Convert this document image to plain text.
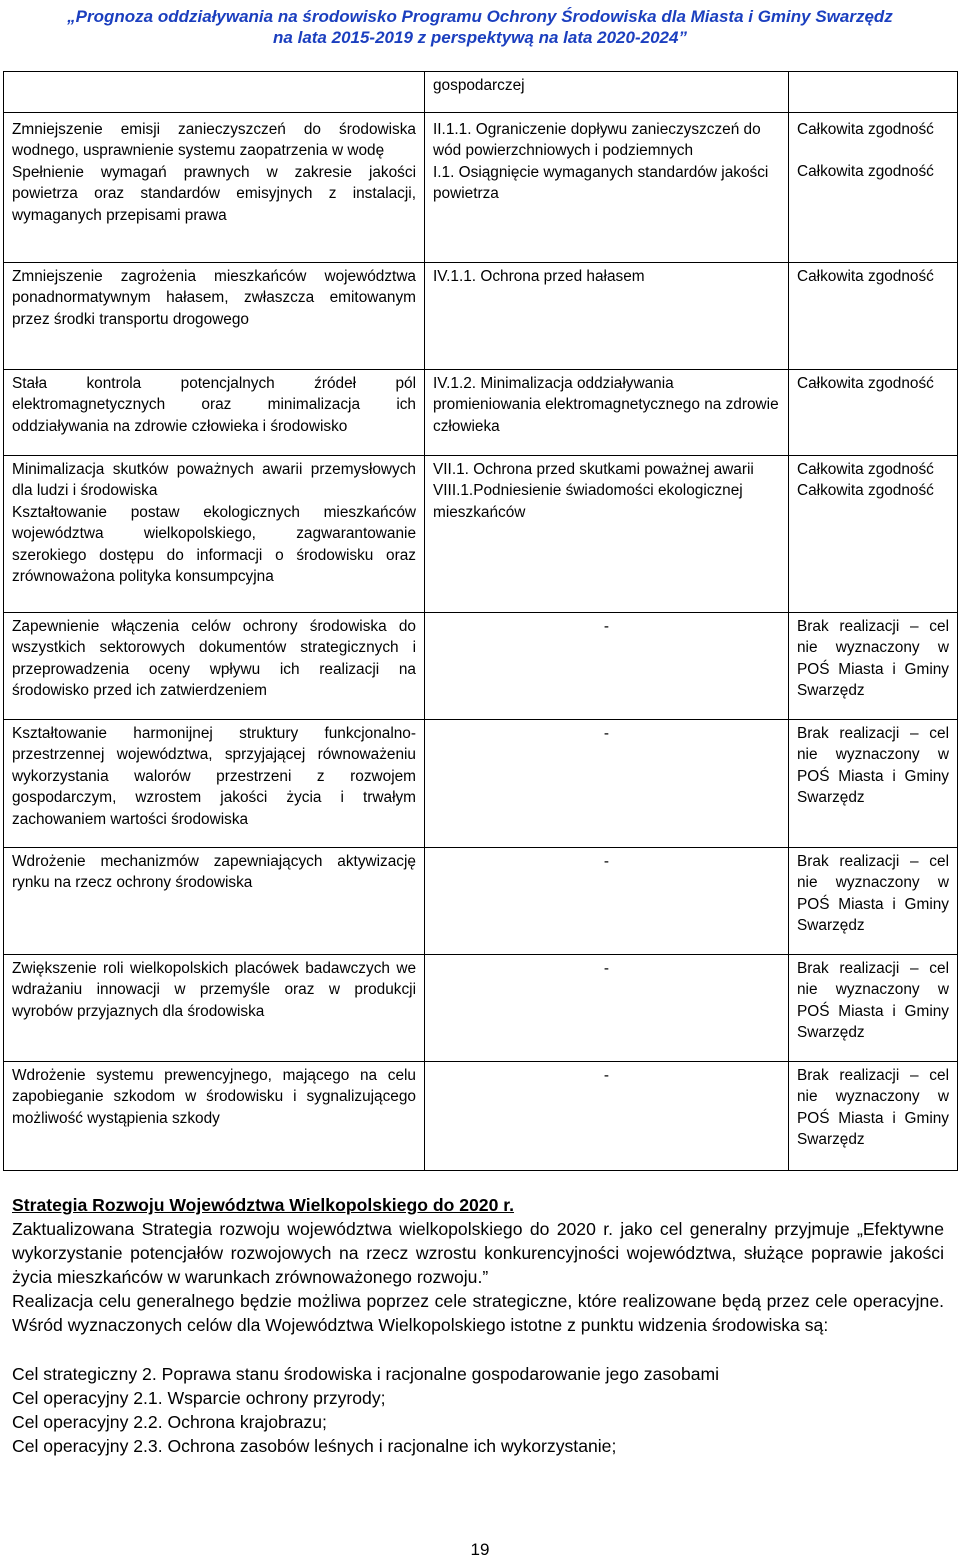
„Prognoza oddziaływania na środowisko Programu Ochrony Środowiska dla Miasta i Gminy Swarzędz
na lata 2015-2019 z perspektywą na lata 2020-2024”
	gospodarczej	

Zmniejszenie emisji zanieczyszczeń do środowiska wodnego, usprawnienie systemu zaopatrzenia w wodę
Spełnienie wymagań prawnych w zakresie jakości powietrza oraz standardów emisyjnych z instalacji, wymaganych przepisami prawa	II.1.1. Ograniczenie dopływu zanieczyszczeń do wód powierzchniowych i podziemnych
I.1. Osiągnięcie wymaganych standardów jakości powietrza	Całkowita zgodność
Całkowita zgodność

Zmniejszenie zagrożenia mieszkańców województwa ponadnormatywnym hałasem, zwłaszcza emitowanym przez środki transportu drogowego	IV.1.1. Ochrona przed hałasem	Całkowita zgodność

Stała kontrola potencjalnych źródeł pól elektromagnetycznych oraz minimalizacja ich oddziaływania na zdrowie człowieka i środowisko	IV.1.2. Minimalizacja oddziaływania promieniowania elektromagnetycznego na zdrowie człowieka	Całkowita zgodność

Minimalizacja skutków poważnych awarii przemysłowych dla ludzi i środowiska
Kształtowanie postaw ekologicznych mieszkańców województwa wielkopolskiego, zagwarantowanie szerokiego dostępu do informacji o środowisku oraz zrównoważona polityka konsumpcyjna	VII.1. Ochrona przed skutkami poważnej awarii
VIII.1.Podniesienie świadomości ekologicznej mieszkańców	Całkowita zgodność
Całkowita zgodność

Zapewnienie włączenia celów ochrony środowiska do wszystkich sektorowych dokumentów strategicznych i przeprowadzenia oceny wpływu ich realizacji na środowisko przed ich zatwierdzeniem	-	Brak realizacji – cel nie wyznaczony w POŚ Miasta i Gminy Swarzędz

Kształtowanie harmonijnej struktury funkcjonalno-przestrzennej województwa, sprzyjającej równoważeniu wykorzystania walorów przestrzeni z rozwojem gospodarczym, wzrostem jakości życia i trwałym zachowaniem wartości środowiska	-	Brak realizacji – cel nie wyznaczony w POŚ Miasta i Gminy Swarzędz

Wdrożenie mechanizmów zapewniających aktywizację rynku na rzecz ochrony środowiska	-	Brak realizacji – cel nie wyznaczony w POŚ Miasta i Gminy Swarzędz

Zwiększenie roli wielkopolskich placówek badawczych we wdrażaniu innowacji w przemyśle oraz w produkcji wyrobów przyjaznych dla środowiska	-	Brak realizacji – cel nie wyznaczony w POŚ Miasta i Gminy Swarzędz

Wdrożenie systemu prewencyjnego, mającego na celu zapobieganie szkodom w środowisku i sygnalizującego możliwość wystąpienia szkody	-	Brak realizacji – cel nie wyznaczony w POŚ Miasta i Gminy Swarzędz
Strategia Rozwoju Województwa Wielkopolskiego do 2020 r.
Zaktualizowana Strategia rozwoju województwa wielkopolskiego do 2020 r. jako cel generalny przyjmuje „Efektywne wykorzystanie potencjałów rozwojowych na rzecz wzrostu konkurencyjności województwa, służące poprawie jakości życia mieszkańców w warunkach zrównoważonego rozwoju.”
Realizacja celu generalnego będzie możliwa poprzez cele strategiczne, które realizowane będą przez cele operacyjne. Wśród wyznaczonych celów dla Województwa Wielkopolskiego istotne z punktu widzenia środowiska są:
Cel strategiczny 2. Poprawa stanu środowiska i racjonalne gospodarowanie jego zasobami
Cel operacyjny 2.1. Wsparcie ochrony przyrody;
Cel operacyjny 2.2. Ochrona krajobrazu;
Cel operacyjny 2.3. Ochrona zasobów leśnych i racjonalne ich wykorzystanie;
19
